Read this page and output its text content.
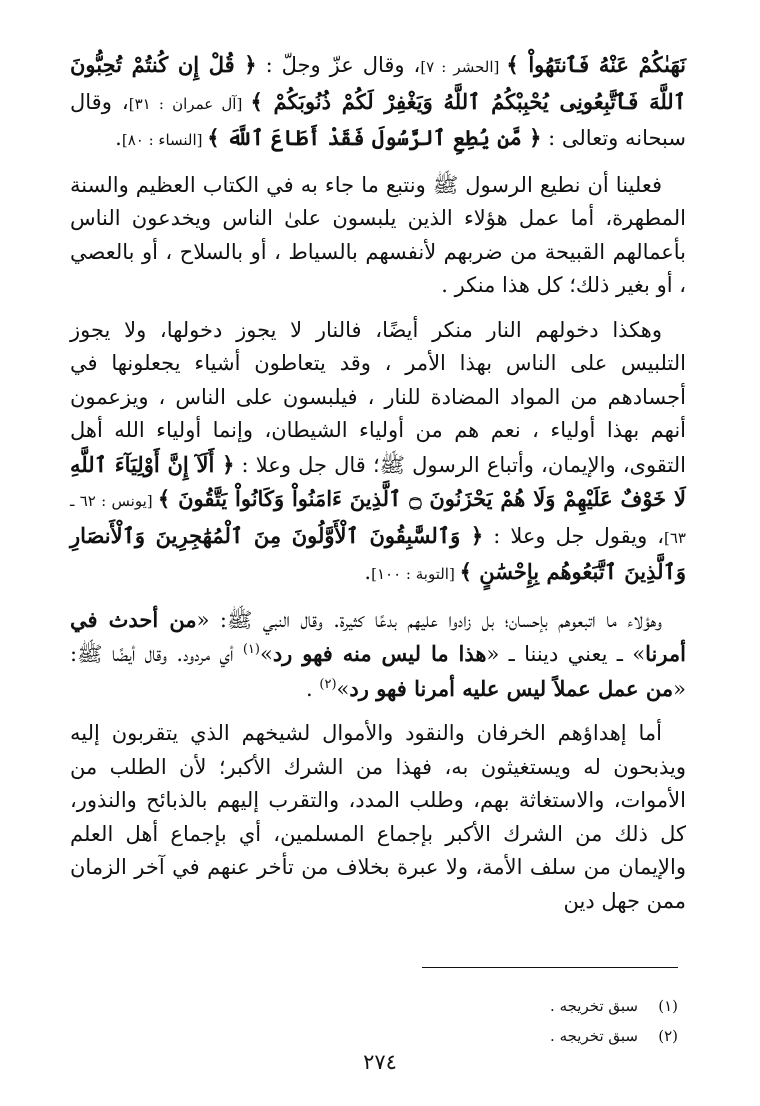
نَهَىٰكُمْ عَنْهُ فَٱنتَهُواْ ﴾ [الحشر : ٧]، وقال عزّ وجلّ : ﴿ قُلْ إِن كُنتُمْ تُحِبُّونَ ٱللَّهَ فَٱتَّبِعُونِى يُحْبِبْكُمُ ٱللَّهُ وَيَغْفِرْ لَكُمْ ذُنُوبَكُمْ ﴾ [آل عمران : ٣١]، وقال سبحانه وتعالى : ﴿ مَّن يُطِعِ ٱلرَّسُولَ فَقَدْ أَطَاعَ ٱللَّهَ ﴾ [النساء : ٨٠].

فعلينا أن نطيع الرسول ﷺ ونتبع ما جاء به في الكتاب العظيم والسنة المطهرة، أما عمل هؤلاء الذين يلبسون علىٰ الناس ويخدعون الناس بأعمالهم القبيحة من ضربهم لأنفسهم بالسياط ، أو بالسلاح ، أو بالعصي ، أو بغير ذلك؛ كل هذا منكر .

وهكذا دخولهم النار منكر أيضًا، فالنار لا يجوز دخولها، ولا يجوز التلبيس على الناس بهذا الأمر ، وقد يتعاطون أشياء يجعلونها في أجسادهم من المواد المضادة للنار ، فيلبسون على الناس ، ويزعمون أنهم بهذا أولياء ، نعم هم من أولياء الشيطان، وإنما أولياء الله أهل التقوى، والإيمان، وأتباع الرسول ﷺ؛ قال جل وعلا : ﴿ أَلَآ إِنَّ أَوْلِيَآءَ ٱللَّهِ لَا خَوْفٌ عَلَيْهِمْ وَلَا هُمْ يَحْزَنُونَ ۝ ٱلَّذِينَ ءَامَنُواْ وَكَانُواْ يَتَّقُونَ ﴾ [يونس : ٦٢ ـ ٦٣]، ويقول جل وعلا : ﴿ وَٱلسَّٰبِقُونَ ٱلْأَوَّلُونَ مِنَ ٱلْمُهَٰجِرِينَ وَٱلْأَنصَارِ وَٱلَّذِينَ ٱتَّبَعُوهُم بِإِحْسَٰنٍ ﴾ [التوبة : ١٠٠].

وهؤلاء ما اتبعوهم بإحسان؛ بل زادوا عليهم بدعًا كثيرة. وقال النبي ﷺ: «من أحدث في أمرنا» ـ يعني ديننا ـ «هذا ما ليس منه فهو رد»$^{(١)}$ أي مردود. وقال أيضًا ﷺ: «من عمل عملاً ليس عليه أمرنا فهو رد»$^{(٢)}$ .

أما إهداؤهم الخرفان والنقود والأموال لشيخهم الذي يتقربون إليه ويذبحون له ويستغيثون به، فهذا من الشرك الأكبر؛ لأن الطلب من الأموات، والاستغاثة بهم، وطلب المدد، والتقرب إليهم بالذبائح والنذور، كل ذلك من الشرك الأكبر بإجماع المسلمين، أي بإجماع أهل العلم والإيمان من سلف الأمة، ولا عبرة بخلاف من تأخر عنهم في آخر الزمان ممن جهل دين

(١)سبق تخريجه .
(٢)سبق تخريجه .
٢٧٤
